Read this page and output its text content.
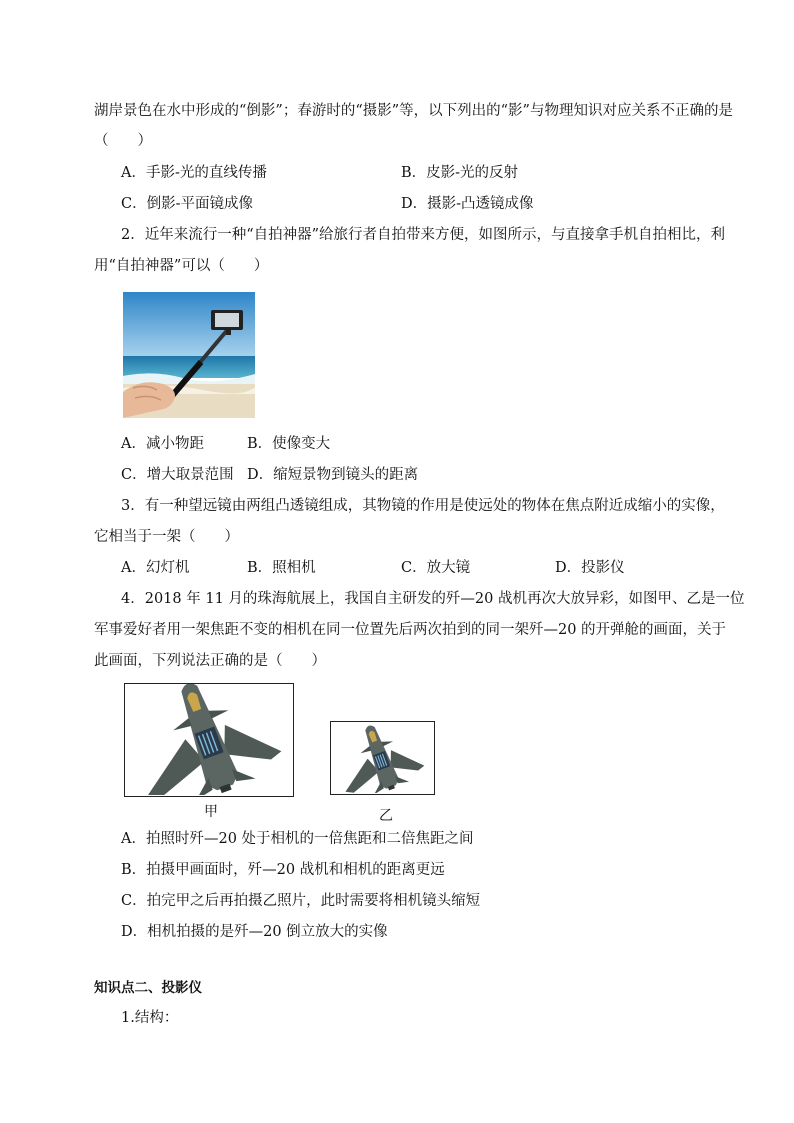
湖岸景色在水中形成的“倒影”；春游时的“摄影”等，以下列出的“影”与物理知识对应关系不正确的是
（　　）
A．手影-光的直线传播	B．皮影-光的反射
C．倒影-平面镜成像	D．摄影-凸透镜成像
2．近年来流行一种“自拍神器”给旅行者自拍带来方便，如图所示，与直接拿手机自拍相比，利
用“自拍神器”可以（　　）
A．减小物距	B．使像变大
C．增大取景范围 D．缩短景物到镜头的距离
3．有一种望远镜由两组凸透镜组成，其物镜的作用是使远处的物体在焦点附近成缩小的实像，
它相当于一架（　　）
A．幻灯机	B．照相机	C．放大镜	D．投影仪
4．2018 年 11 月的珠海航展上，我国自主研发的歼—20 战机再次大放异彩，如图甲、乙是一位
军事爱好者用一架焦距不变的相机在同一位置先后两次拍到的同一架歼—20 的开弹舱的画面，关于
此画面，下列说法正确的是（　　）
甲	乙
A．拍照时歼—20 处于相机的一倍焦距和二倍焦距之间
B．拍摄甲画面时，歼—20 战机和相机的距离更远
C．拍完甲之后再拍摄乙照片，此时需要将相机镜头缩短
D．相机拍摄的是歼—20 倒立放大的实像
知识点二、投影仪
1.结构：
